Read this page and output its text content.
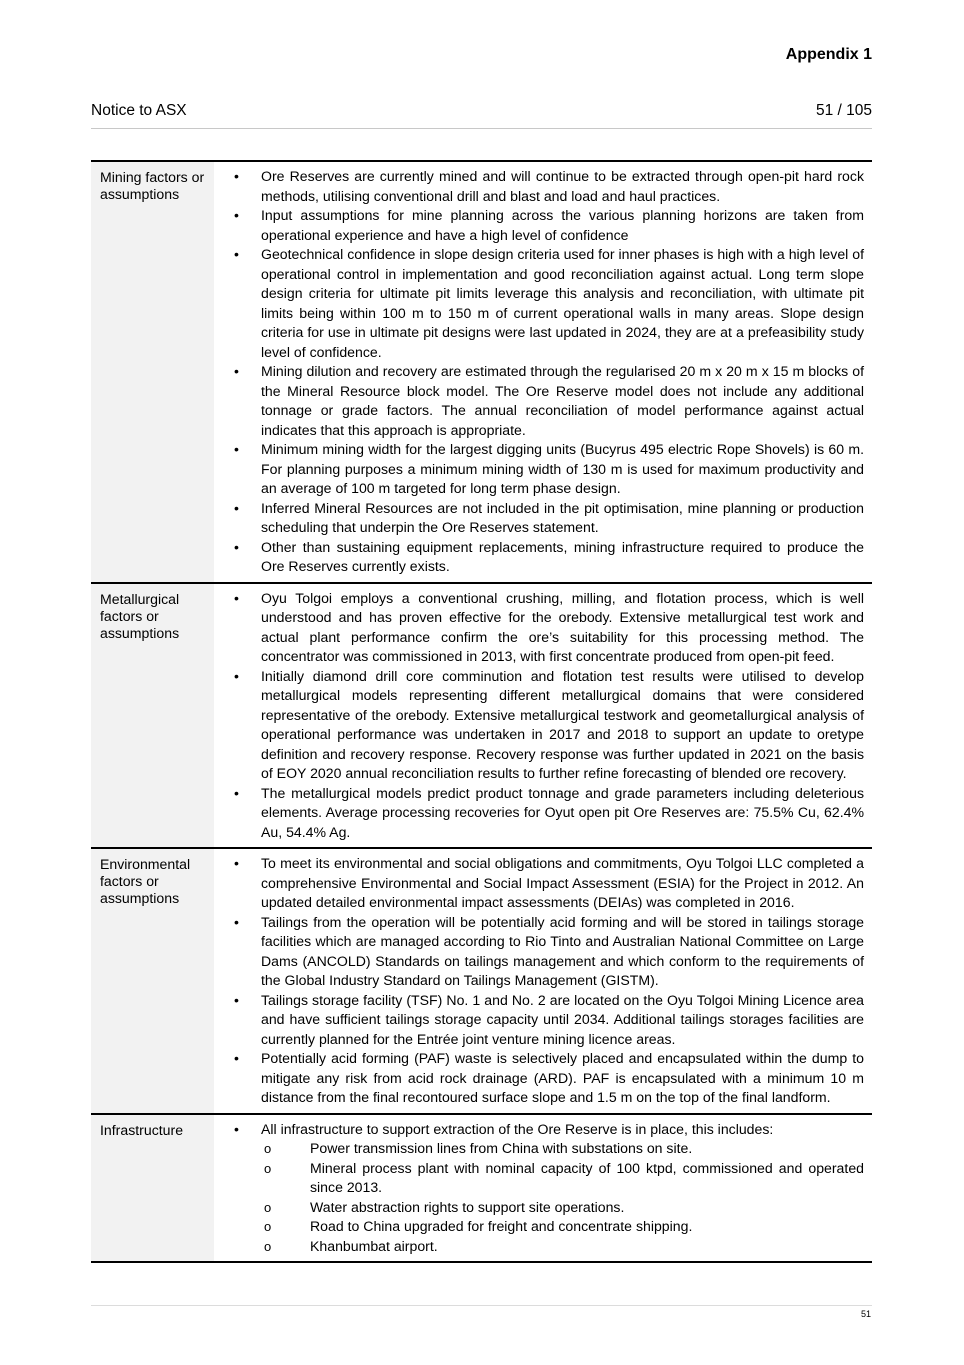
Appendix 1
Notice to ASX	51 / 105
Mining factors or assumptions
• Ore Reserves are currently mined and will continue to be extracted through open-pit hard rock methods, utilising conventional drill and blast and load and haul practices.
• Input assumptions for mine planning across the various planning horizons are taken from operational experience and have a high level of confidence
• Geotechnical confidence in slope design criteria used for inner phases is high with a high level of operational control in implementation and good reconciliation against actual. Long term slope design criteria for ultimate pit limits leverage this analysis and reconciliation, with ultimate pit limits being within 100 m to 150 m of current operational walls in many areas. Slope design criteria for use in ultimate pit designs were last updated in 2024, they are at a prefeasibility study level of confidence.
• Mining dilution and recovery are estimated through the regularised 20 m x 20 m x 15 m blocks of the Mineral Resource block model. The Ore Reserve model does not include any additional tonnage or grade factors. The annual reconciliation of model performance against actual indicates that this approach is appropriate.
• Minimum mining width for the largest digging units (Bucyrus 495 electric Rope Shovels) is 60 m. For planning purposes a minimum mining width of 130 m is used for maximum productivity and an average of 100 m targeted for long term phase design.
• Inferred Mineral Resources are not included in the pit optimisation, mine planning or production scheduling that underpin the Ore Reserves statement.
• Other than sustaining equipment replacements, mining infrastructure required to produce the Ore Reserves currently exists.
Metallurgical factors or assumptions
• Oyu Tolgoi employs a conventional crushing, milling, and flotation process, which is well understood and has proven effective for the orebody. Extensive metallurgical test work and actual plant performance confirm the ore’s suitability for this processing method. The concentrator was commissioned in 2013, with first concentrate produced from open-pit feed.
• Initially diamond drill core comminution and flotation test results were utilised to develop metallurgical models representing different metallurgical domains that were considered representative of the orebody. Extensive metallurgical testwork and geometallurgical analysis of operational performance was undertaken in 2017 and 2018 to support an update to oretype definition and recovery response. Recovery response was further updated in 2021 on the basis of EOY 2020 annual reconciliation results to further refine forecasting of blended ore recovery.
• The metallurgical models predict product tonnage and grade parameters including deleterious elements. Average processing recoveries for Oyut open pit Ore Reserves are: 75.5% Cu, 62.4% Au, 54.4% Ag.
Environmental factors or assumptions
• To meet its environmental and social obligations and commitments, Oyu Tolgoi LLC completed a comprehensive Environmental and Social Impact Assessment (ESIA) for the Project in 2012. An updated detailed environmental impact assessments (DEIAs) was completed in 2016.
• Tailings from the operation will be potentially acid forming and will be stored in tailings storage facilities which are managed according to Rio Tinto and Australian National Committee on Large Dams (ANCOLD) Standards on tailings management and which conform to the requirements of the Global Industry Standard on Tailings Management (GISTM).
• Tailings storage facility (TSF) No. 1 and No. 2 are located on the Oyu Tolgoi Mining Licence area and have sufficient tailings storage capacity until 2034. Additional tailings storages facilities are currently planned for the Entrée joint venture mining licence areas.
• Potentially acid forming (PAF) waste is selectively placed and encapsulated within the dump to mitigate any risk from acid rock drainage (ARD). PAF is encapsulated with a minimum 10 m distance from the final recontoured surface slope and 1.5 m on the top of the final landform.
Infrastructure
•	All infrastructure to support extraction of the Ore Reserve is in place, this includes:
o Power transmission lines from China with substations on site.
o Mineral process plant with nominal capacity of 100 ktpd, commissioned and operated since 2013.
o Water abstraction rights to support site operations.
o Road to China upgraded for freight and concentrate shipping.
o Khanbumbat airport.
51
